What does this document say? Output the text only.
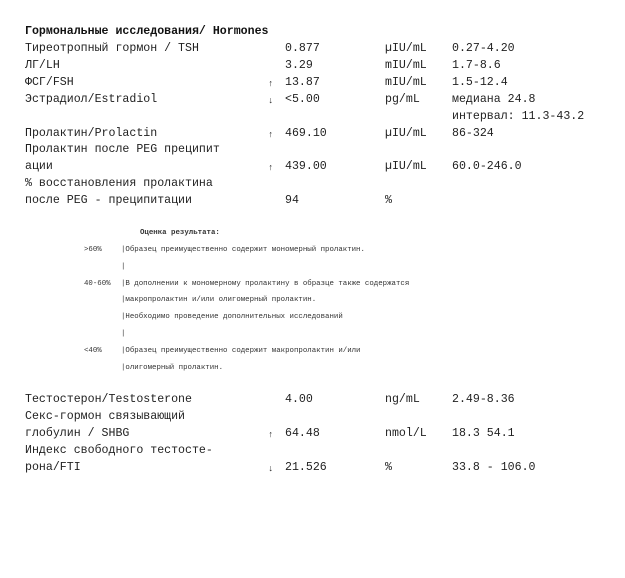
Гормональные исследования/ Hormones
Тиреотропный гормон / TSH	0.877	µIU/mL 0.27-4.20
ЛГ/LH	3.29	mIU/mL 1.7-8.6
ФСГ/FSH	↑ 13.87	mIU/mL 1.5-12.4
Эстрадиол/Estradiol	↓ <5.00	pg/mL	медиана 24.8
интервал: 11.3-43.2
Пролактин/Prolactin	↑ 469.10	µIU/mL 86-324
Пролактин после PEG преципит
ации	↑ 439.00	µIU/mL 60.0-246.0
% восстановления пролактина
после PEG - преципитации	94	%
Оценка результата:
>60%	|Образец преимущественно содержит мономерный пролактин.
|
40-60% |В дополнении к мономерному пролактину в образце также содержатся
|макропролактин и/или олигомерный пролактин.
|Необходимо проведение дополнительных исследований
|
<40%	|Образец преимущественно содержит макропролактин и/или
|олигомерный пролактин.
Тестостерон/Testosterone	4.00	ng/mL	2.49-8.36
Секс-гормон связывающий
глобулин / SHBG	↑ 64.48	nmol/L 18.3 54.1
Индекс свободного тестосте-
рона/FTI	↓ 21.526	%	33.8 - 106.0
